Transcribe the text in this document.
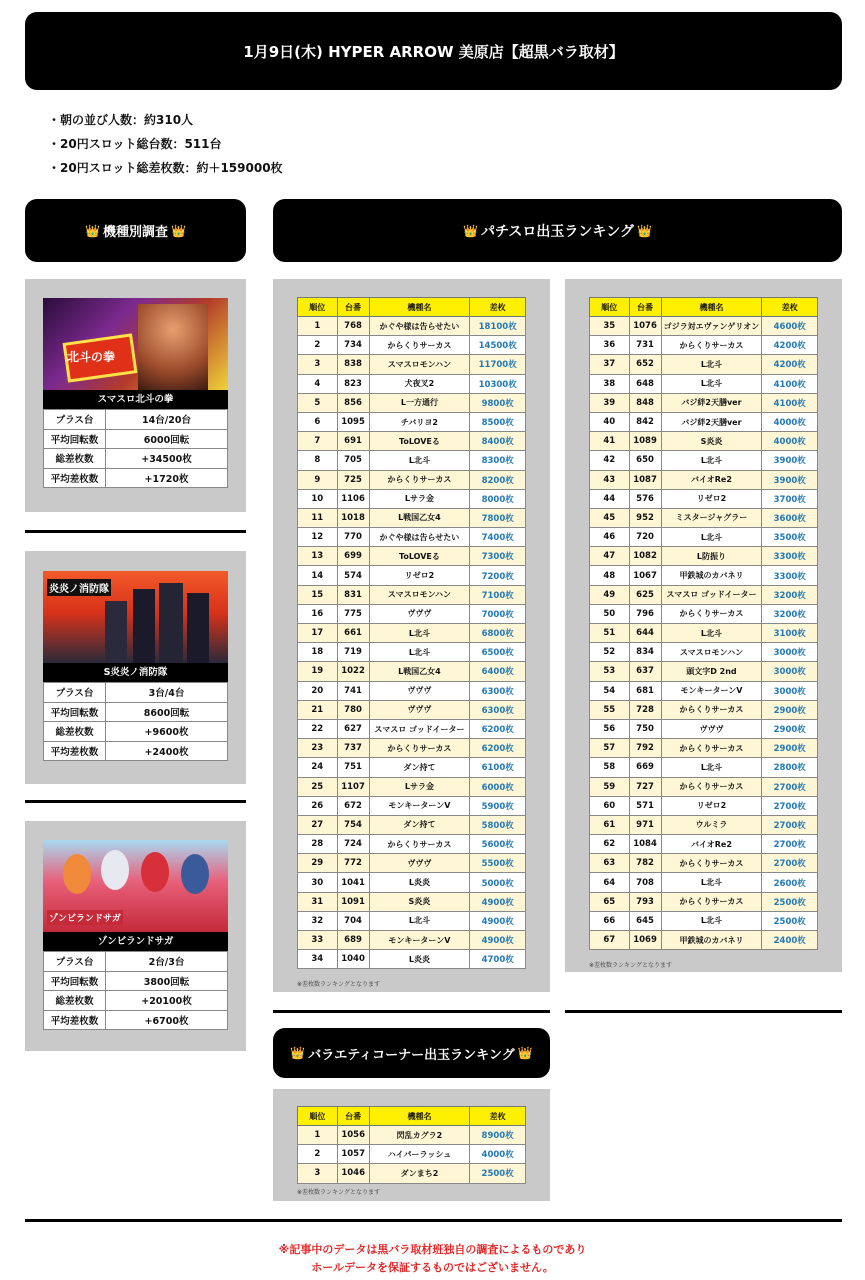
1月9日(木) HYPER ARROW 美原店【超黒バラ取材】
・朝の並び人数：約310人
・20円スロット総台数：511台
・20円スロット総差枚数：約＋159000枚
👑 機種別調査 👑	👑 パチスロ出玉ランキング 👑
北斗の拳
スマスロ北斗の拳
プラス台	14台/20台
平均回転数	6000回転
総差枚数	+34500枚
平均差枚数	+1720枚
炎炎ノ消防隊
S炎炎ノ消防隊
プラス台	3台/4台
平均回転数	8600回転
総差枚数	+9600枚
平均差枚数	+2400枚
ゾンビランドサガ
ゾンビランドサガ
プラス台	2台/3台
平均回転数	3800回転
総差枚数	+20100枚
平均差枚数	+6700枚
順位	台番	機種名	差枚
1	768	かぐや様は告らせたい	18100枚
2	734	からくりサーカス	14500枚
3	838	スマスロモンハン	11700枚
4	823	犬夜叉2	10300枚
5	856	L一方通行	9800枚
6	1095	チバリヨ2	8500枚
7	691	ToLOVEる	8400枚
8	705	L北斗	8300枚
9	725	からくりサーカス	8200枚
10	1106	Lサラ金	8000枚
11	1018	L戦国乙女4	7800枚
12	770	かぐや様は告らせたい	7400枚
13	699	ToLOVEる	7300枚
14	574	リゼロ2	7200枚
15	831	スマスロモンハン	7100枚
16	775	ヴヴヴ	7000枚
17	661	L北斗	6800枚
18	719	L北斗	6500枚
19	1022	L戦国乙女4	6400枚
20	741	ヴヴヴ	6300枚
21	780	ヴヴヴ	6300枚
22	627	スマスロ ゴッドイーター	6200枚
23	737	からくりサーカス	6200枚
24	751	ダン持て	6100枚
25	1107	Lサラ金	6000枚
26	672	モンキーターンV	5900枚
27	754	ダン持て	5800枚
28	724	からくりサーカス	5600枚
29	772	ヴヴヴ	5500枚
30	1041	L炎炎	5000枚
31	1091	S炎炎	4900枚
32	704	L北斗	4900枚
33	689	モンキーターンV	4900枚
34	1040	L炎炎	4700枚
※差枚数ランキングとなります
順位	台番	機種名	差枚
35	1076	ゴジラ対エヴァンゲリオン	4600枚
36	731	からくりサーカス	4200枚
37	652	L北斗	4200枚
38	648	L北斗	4100枚
39	848	バジ絆2天膳ver	4100枚
40	842	バジ絆2天膳ver	4000枚
41	1089	S炎炎	4000枚
42	650	L北斗	3900枚
43	1087	バイオRe2	3900枚
44	576	リゼロ2	3700枚
45	952	ミスタージャグラー	3600枚
46	720	L北斗	3500枚
47	1082	L防振り	3300枚
48	1067	甲鉄城のカバネリ	3300枚
49	625	スマスロ ゴッドイーター	3200枚
50	796	からくりサーカス	3200枚
51	644	L北斗	3100枚
52	834	スマスロモンハン	3000枚
53	637	頭文字D 2nd	3000枚
54	681	モンキーターンV	3000枚
55	728	からくりサーカス	2900枚
56	750	ヴヴヴ	2900枚
57	792	からくりサーカス	2900枚
58	669	L北斗	2800枚
59	727	からくりサーカス	2700枚
60	571	リゼロ2	2700枚
61	971	ウルミラ	2700枚
62	1084	バイオRe2	2700枚
63	782	からくりサーカス	2700枚
64	708	L北斗	2600枚
65	793	からくりサーカス	2500枚
66	645	L北斗	2500枚
67	1069	甲鉄城のカバネリ	2400枚
※差枚数ランキングとなります
👑 バラエティコーナー出玉ランキング 👑
順位	台番	機種名	差枚
1	1056	閃乱カグラ2	8900枚
2	1057	ハイパーラッシュ	4000枚
3	1046	ダンまち2	2500枚
※差枚数ランキングとなります
※記事中のデータは黒バラ取材班独自の調査によるものであり
ホールデータを保証するものではございません。
